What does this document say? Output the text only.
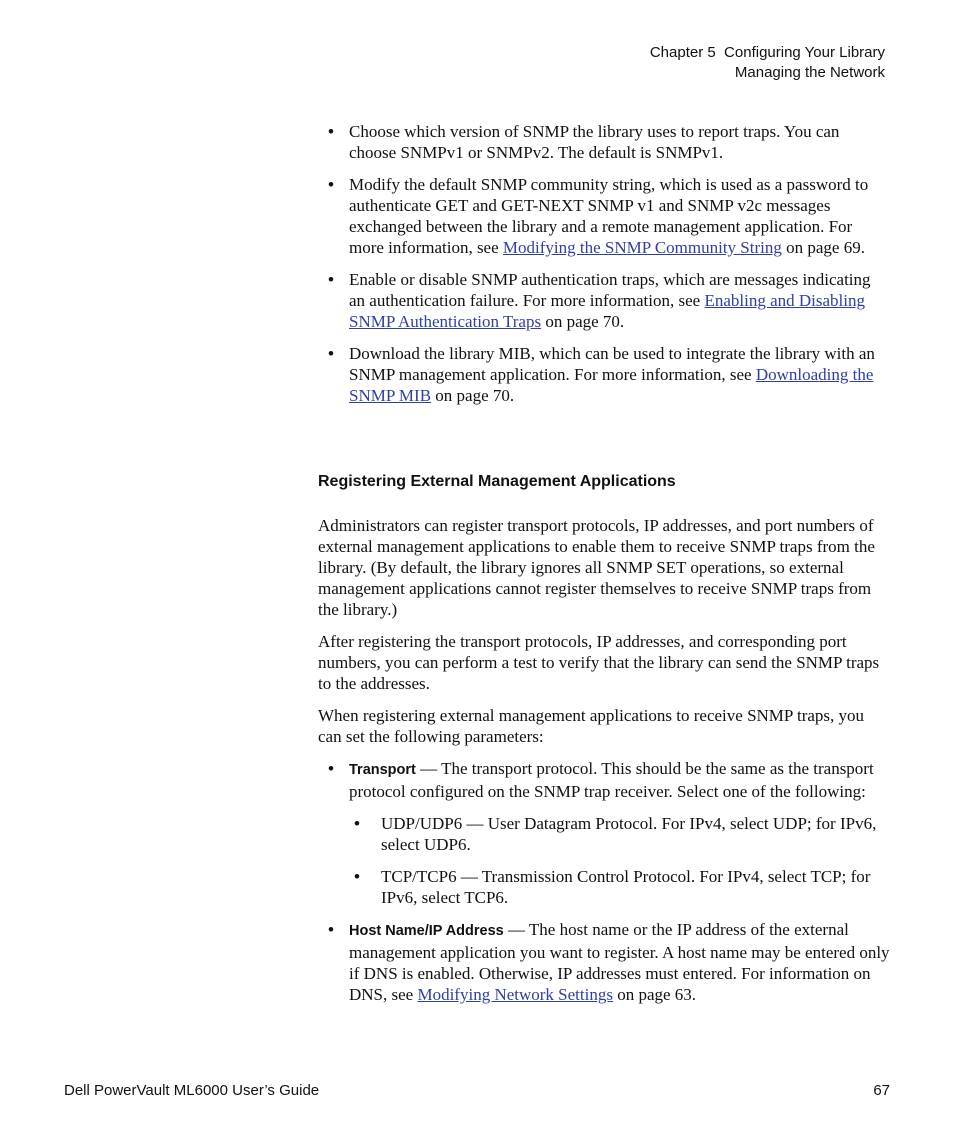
Chapter 5  Configuring Your Library
Managing the Network
• Choose which version of SNMP the library uses to report traps. You can choose SNMPv1 or SNMPv2. The default is SNMPv1.
• Modify the default SNMP community string, which is used as a password to authenticate GET and GET-NEXT SNMP v1 and SNMP v2c messages exchanged between the library and a remote management application. For more information, see Modifying the SNMP Community String on page 69.
• Enable or disable SNMP authentication traps, which are messages indicating an authentication failure. For more information, see Enabling and Disabling SNMP Authentication Traps on page 70.
• Download the library MIB, which can be used to integrate the library with an SNMP management application. For more information, see Downloading the SNMP MIB on page 70.
Registering External Management Applications

Administrators can register transport protocols, IP addresses, and port numbers of external management applications to enable them to receive SNMP traps from the library. (By default, the library ignores all SNMP SET operations, so external management applications cannot register themselves to receive SNMP traps from the library.)

After registering the transport protocols, IP addresses, and corresponding port numbers, you can perform a test to verify that the library can send the SNMP traps to the addresses.

When registering external management applications to receive SNMP traps, you can set the following parameters:

• Transport — The transport protocol. This should be the same as the transport protocol configured on the SNMP trap receiver. Select one of the following:
• UDP/UDP6 — User Datagram Protocol. For IPv4, select UDP; for IPv6, select UDP6.
• TCP/TCP6 — Transmission Control Protocol. For IPv4, select TCP; for IPv6, select TCP6.
• Host Name/IP Address — The host name or the IP address of the external management application you want to register. A host name may be entered only if DNS is enabled. Otherwise, IP addresses must entered. For information on DNS, see Modifying Network Settings on page 63.
Dell PowerVault ML6000 User’s Guide	67
